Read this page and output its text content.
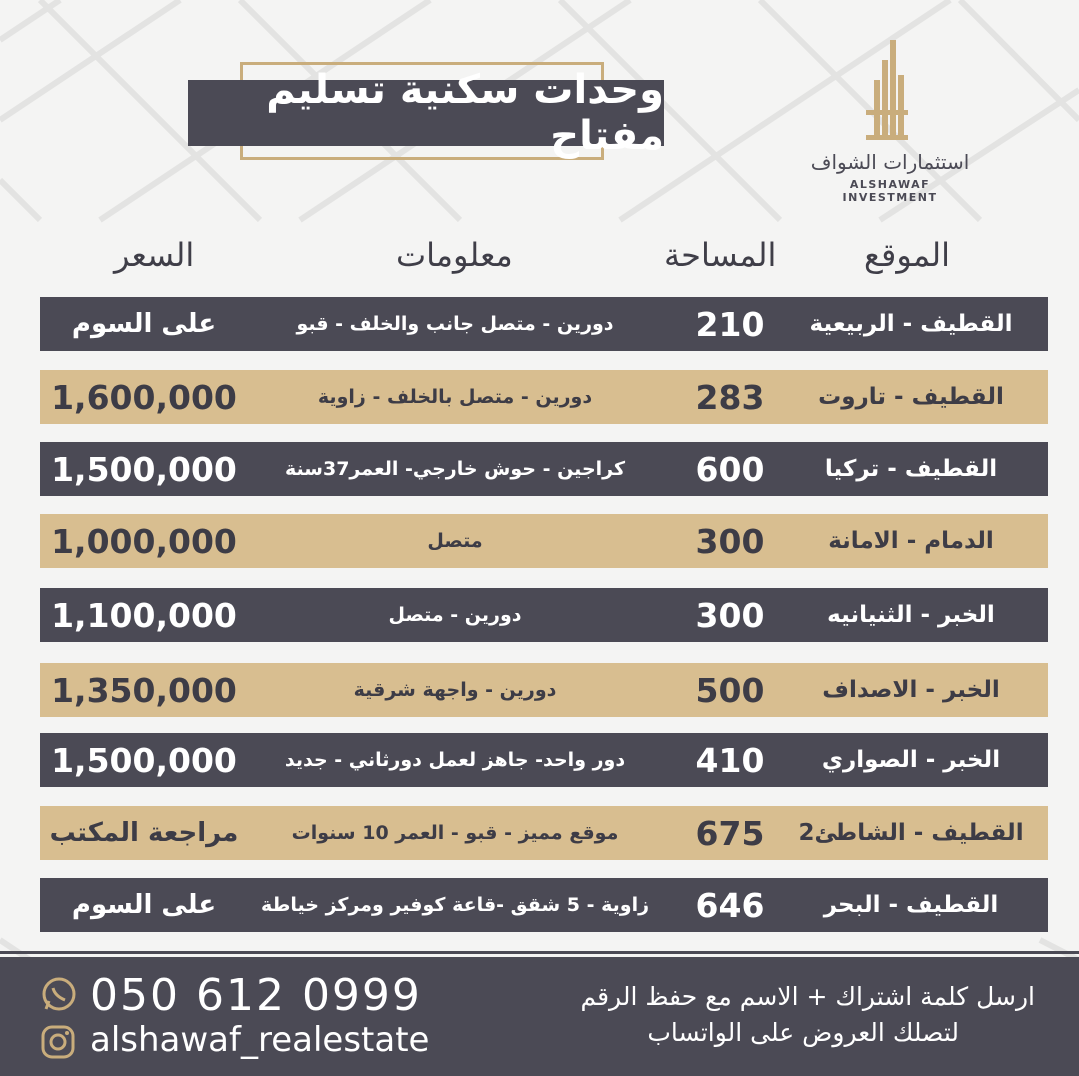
وحدات سكنية تسليم مفتاح
استثمارات الشواف
ALSHAWAF INVESTMENT
الموقع
المساحة
معلومات
السعر
القطيف - الربيعية
210
دورين - متصل جانب والخلف - قبو
على السوم
القطيف - تاروت
283
دورين - متصل بالخلف - زاوية
1,600,000
القطيف - تركيا
600
كراجين - حوش خارجي- العمر37سنة
1,500,000
الدمام - الامانة
300
متصل
1,000,000
الخبر - الثنيانيه
300
دورين - متصل
1,100,000
الخبر - الاصداف
500
دورين - واجهة شرقية
1,350,000
الخبر - الصواري
410
دور واحد- جاهز لعمل دورثاني - جديد
1,500,000
القطيف - الشاطئ2
675
موقع مميز - قبو - العمر 10 سنوات
مراجعة المكتب
القطيف - البحر
646
زاوية - 5 شقق -قاعة كوفير ومركز خياطة
على السوم
050 612 0999
alshawaf_realestate
ارسل كلمة اشتراك + الاسم مع حفظ الرقم
لتصلك العروض على الواتساب
